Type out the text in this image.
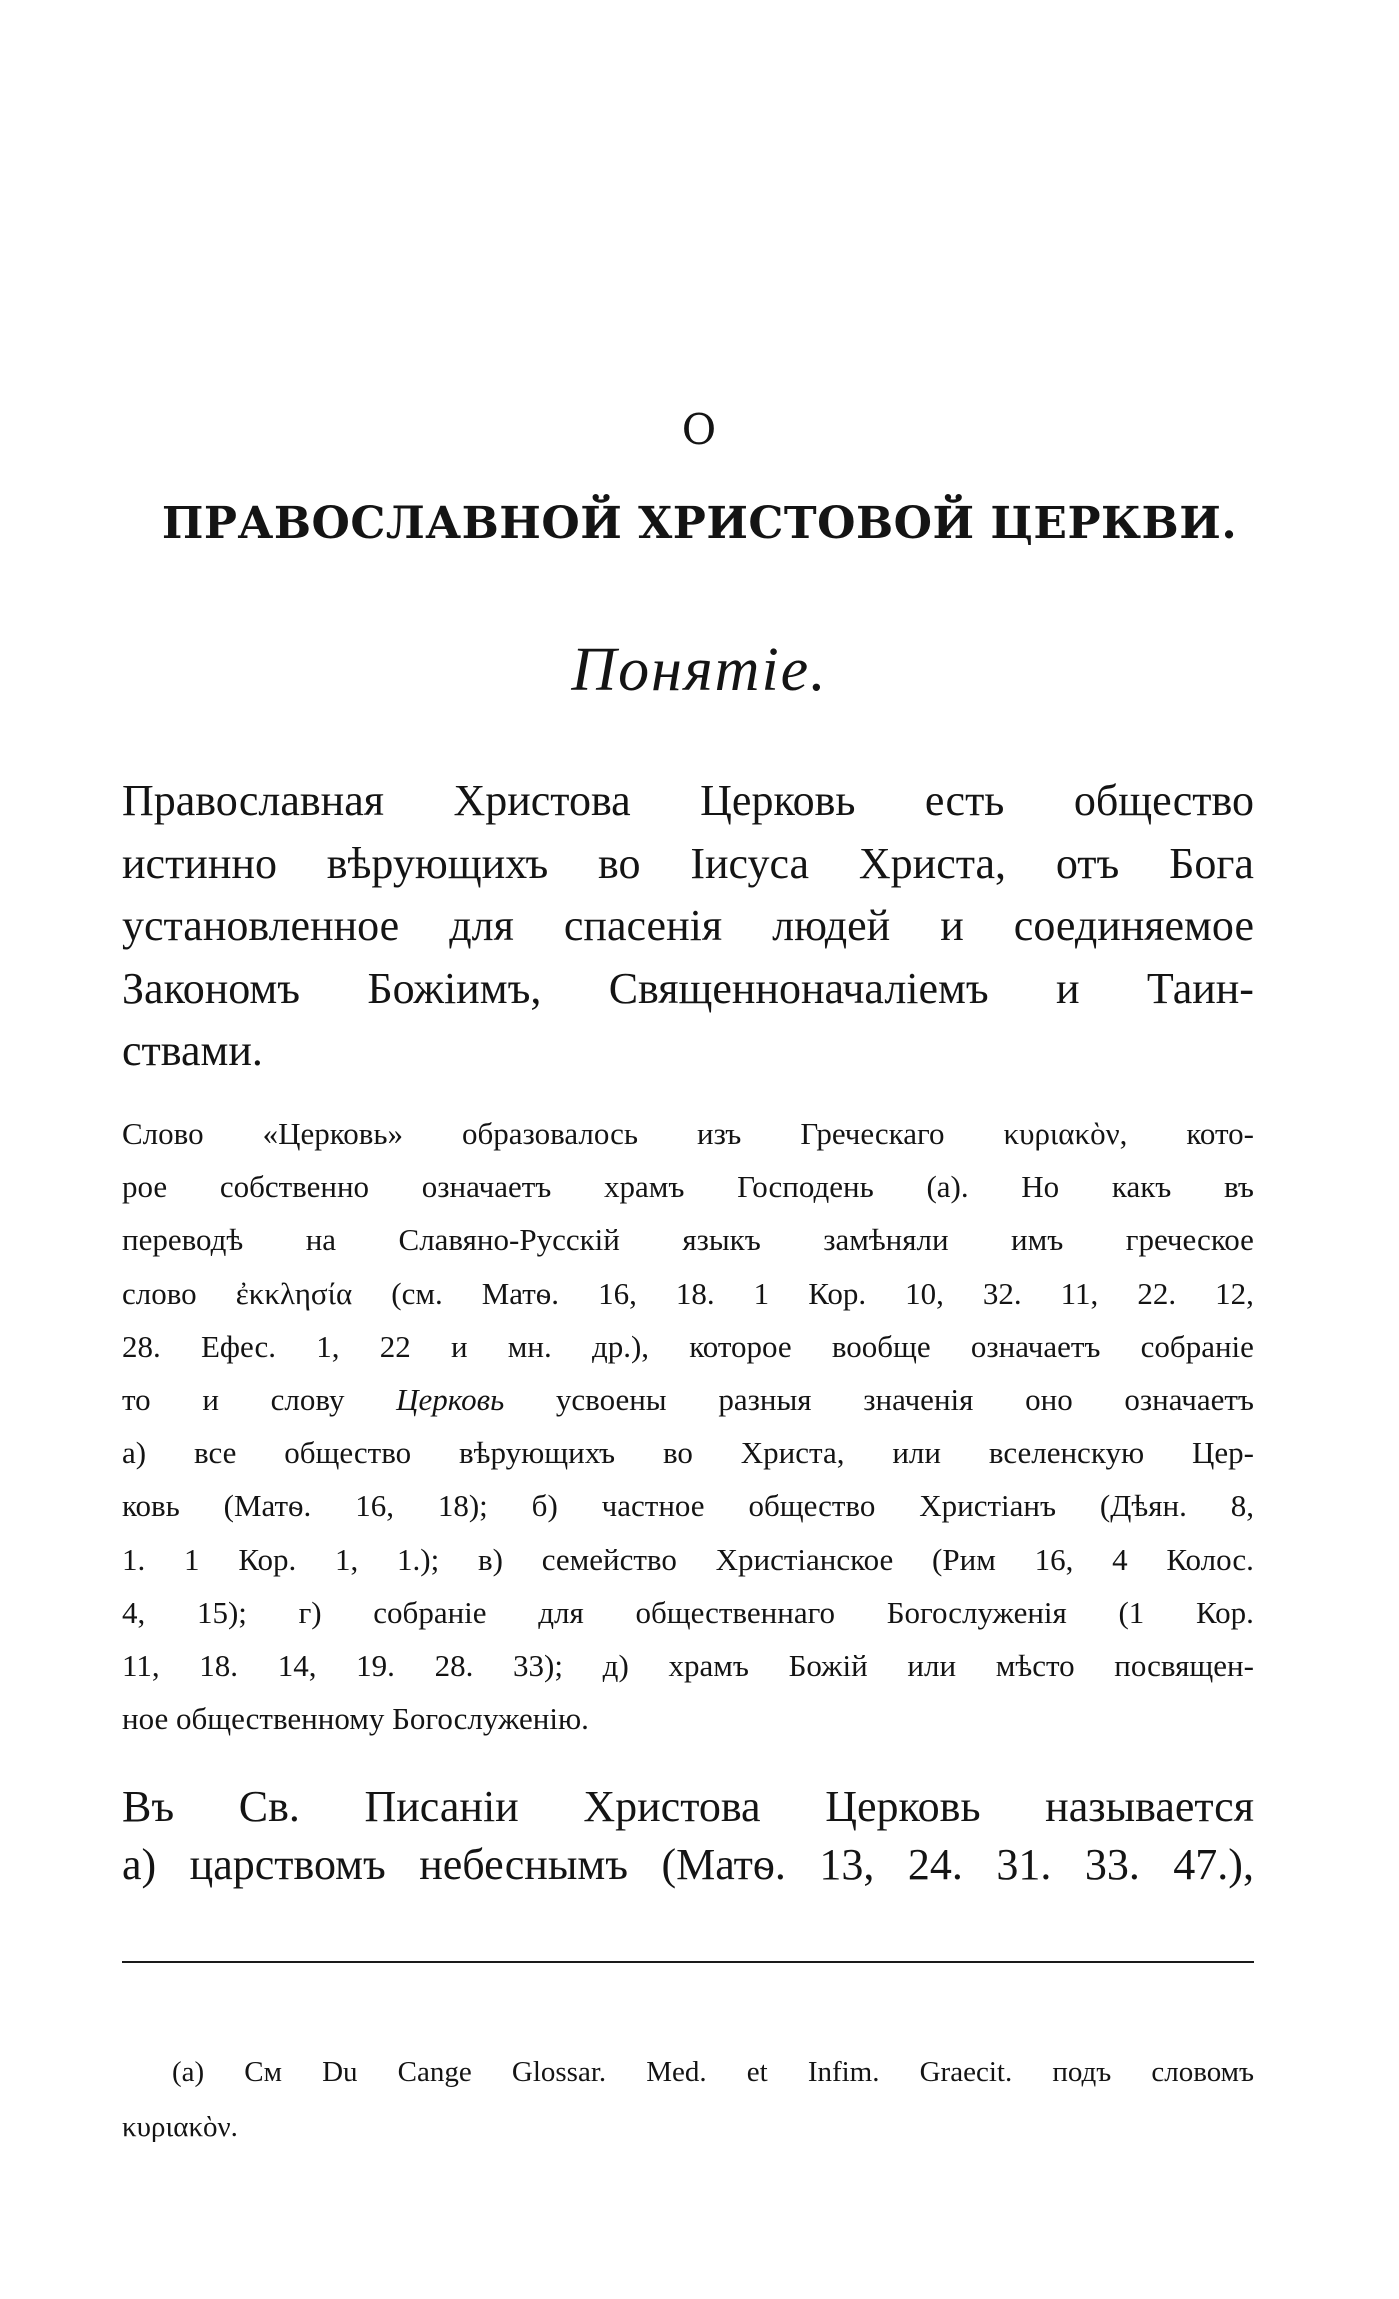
О
ПРАВОСЛАВНОЙ ХРИСТОВОЙ ЦЕРКВИ.
Понятіе.
Православная Христова Церковь есть общество
истинно вѣрующихъ во Іисуса Христа, отъ Бога
установленное для спасенія людей и соединяемое
Закономъ Божіимъ, Священноначаліемъ и Таин-
ствами.
Слово «Церковь» образовалось изъ Греческаго κυριακὸν, кото-
рое собственно означаетъ храмъ Господень (а). Но какъ въ
переводѣ на Славяно-Русскій языкъ замѣняли имъ греческое
слово ἐκκλησία (см. Матѳ. 16, 18. 1 Кор. 10, 32. 11, 22. 12,
28. Ефес. 1, 22 и мн. др.), которое вообще означаетъ собраніе
то и слову Церковь усвоены разныя значенія оно означаетъ
а) все общество вѣрующихъ во Христа, или вселенскую Цер-
ковь (Матѳ. 16, 18); б) частное общество Христіанъ (Дѣян. 8,
1. 1 Кор. 1, 1.); в) семейство Христіанское (Рим 16, 4 Колос.
4, 15); г) собраніе для общественнаго Богослуженія (1 Кор.
11, 18. 14, 19. 28. 33); д) храмъ Божій или мѣсто посвящен-
ное общественному Богослуженію.
Въ Св. Писаніи Христова Церковь называется
а) царствомъ небеснымъ (Матѳ. 13, 24. 31. 33. 47.),
(а) См Du Cange Glossar. Med. et Infim. Graecit. подъ словомъ
κυριακὸν.
